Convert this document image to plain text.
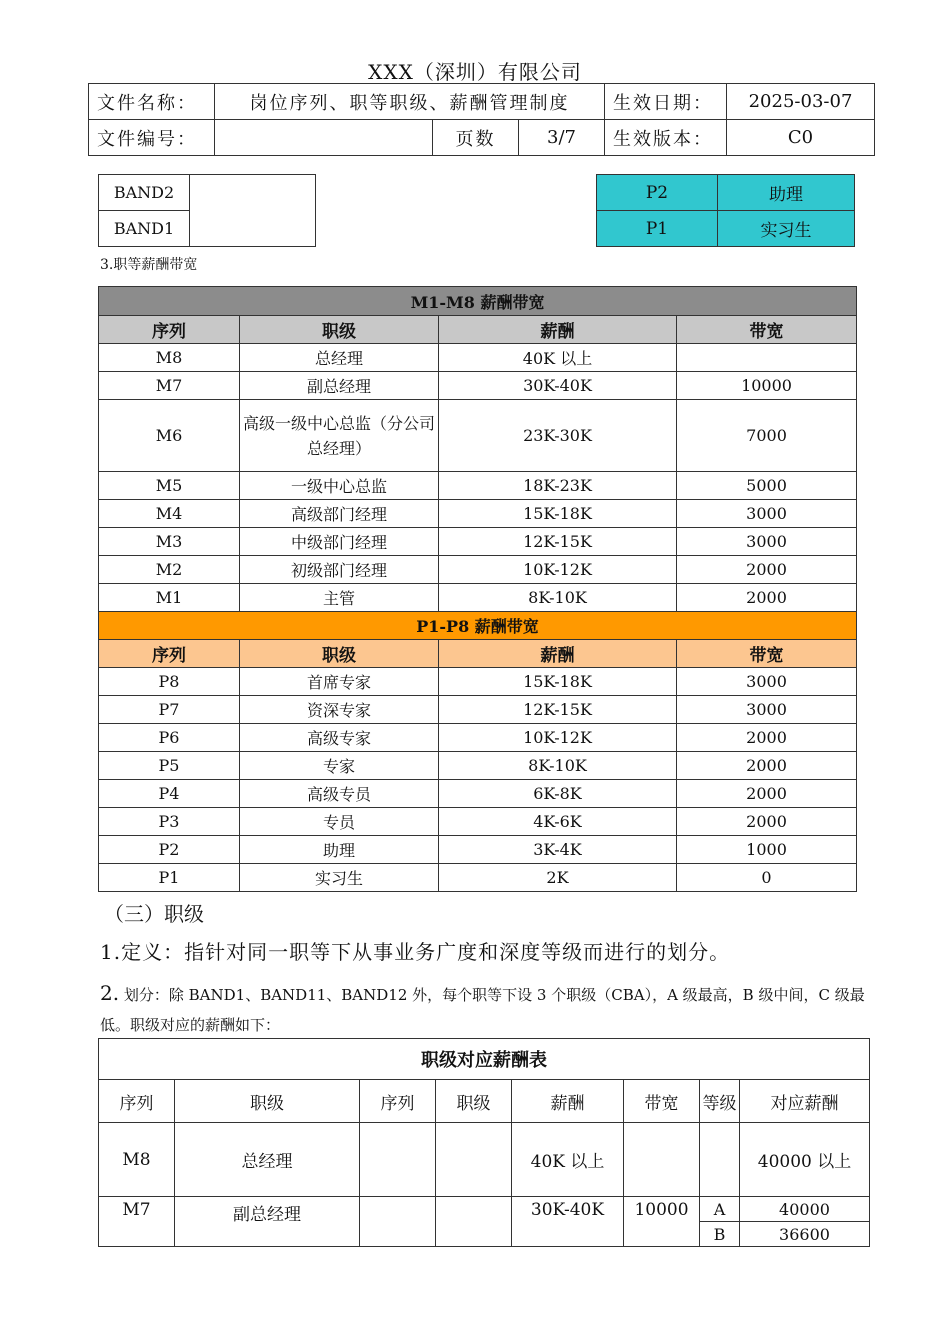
XXX（深圳）有限公司
文件名称：	岗位序列、职等职级、薪酬管理制度			生效日期：	2025-03-07
文件编号：		页数	3/7	生效版本：	C0
BAND2	
BAND1
P2	助理
P1	实习生
3.职等薪酬带宽
M1-M8 薪酬带宽			
序列	职级	薪酬	带宽
M8	总经理	40K 以上	
M7	副总经理	30K-40K	10000
M6	高级一级中心总监（分公司总经理）	23K-30K	7000
M5	一级中心总监	18K-23K	5000
M4	高级部门经理	15K-18K	3000
M3	中级部门经理	12K-15K	3000
M2	初级部门经理	10K-12K	2000
M1	主管	8K-10K	2000
P1-P8 薪酬带宽			
序列	职级	薪酬	带宽
P8	首席专家	15K-18K	3000
P7	资深专家	12K-15K	3000
P6	高级专家	10K-12K	2000
P5	专家	8K-10K	2000
P4	高级专员	6K-8K	2000
P3	专员	4K-6K	2000
P2	助理	3K-4K	1000
P1	实习生	2K	0
（三）职级
1.定义：指针对同一职等下从事业务广度和深度等级而进行的划分。
2. 划分：除 BAND1、BAND11、BAND12 外，每个职等下设 3 个职级（CBA），A 级最高，B 级中间，C 级最低。职级对应的薪酬如下：
职级对应薪酬表							
序列	职级	序列	职级	薪酬	带宽	等级	对应薪酬
M8	总经理			40K 以上			40000 以上
M7	副总经理			30K-40K	10000	A	40000
						B	36600
